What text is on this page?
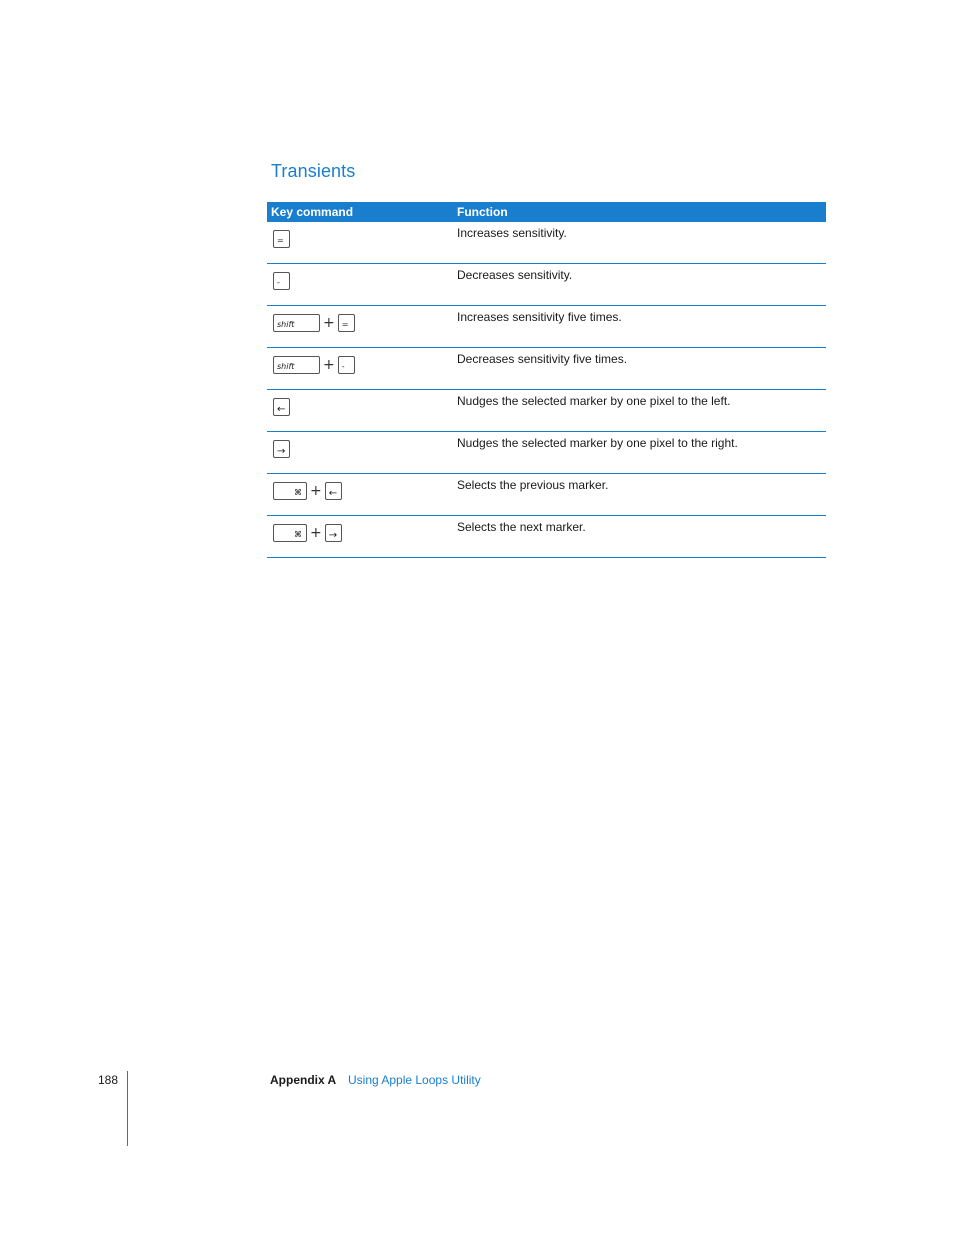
Transients
Key command	Function
=
Increases sensitivity.
-
Decreases sensitivity.
shift + =
Increases sensitivity five times.
shift + -
Decreases sensitivity five times.
←
Nudges the selected marker by one pixel to the left.
→
Nudges the selected marker by one pixel to the right.
⌘ + ←
Selects the previous marker.
⌘ + →
Selects the next marker.
188	Appendix A Using Apple Loops Utility
